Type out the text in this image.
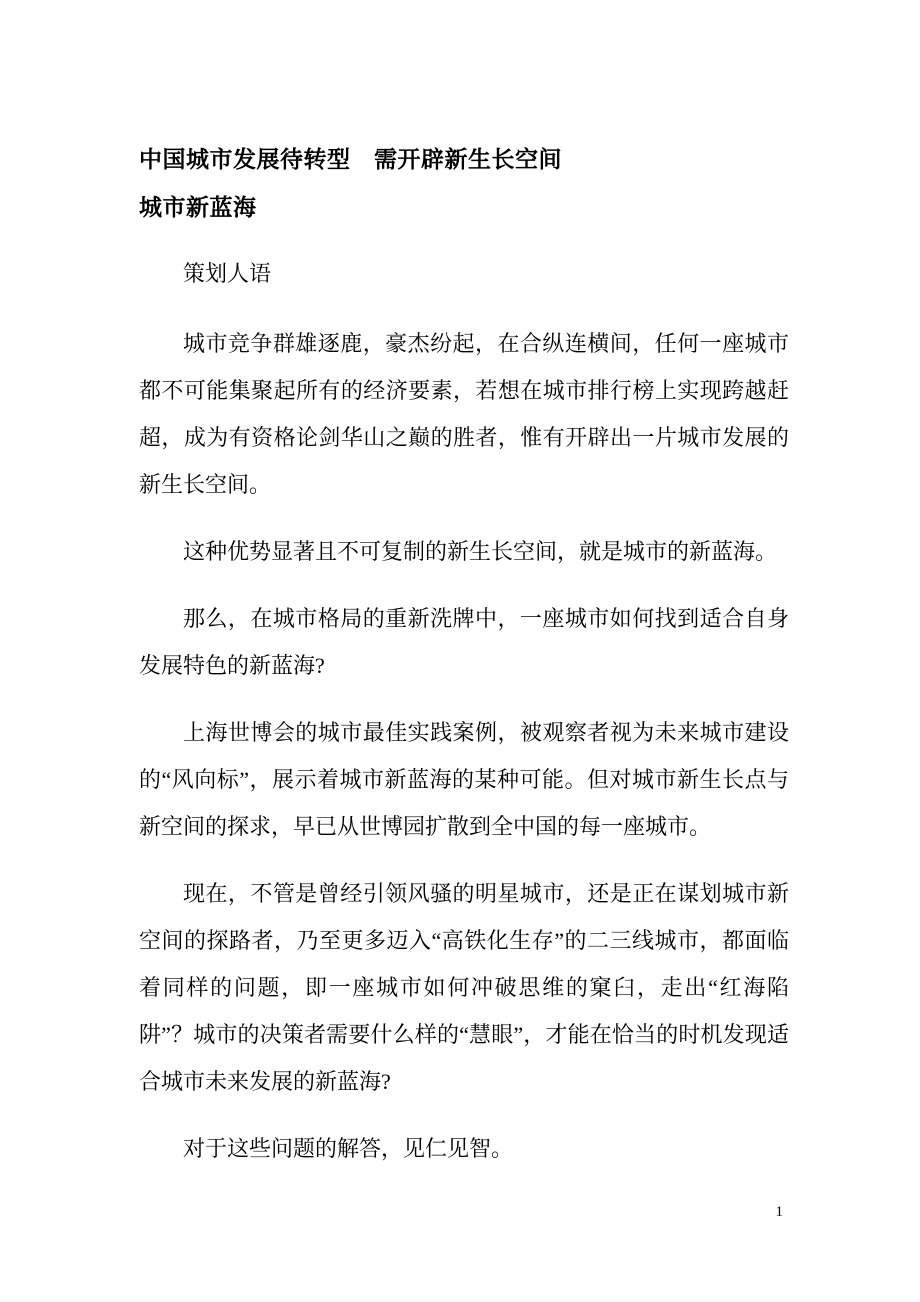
中国城市发展待转型　需开辟新生长空间
城市新蓝海

策划人语

城市竞争群雄逐鹿，豪杰纷起，在合纵连横间，任何一座城市都不可能集聚起所有的经济要素，若想在城市排行榜上实现跨越赶超，成为有资格论剑华山之巅的胜者，惟有开辟出一片城市发展的新生长空间。

这种优势显著且不可复制的新生长空间，就是城市的新蓝海。

那么，在城市格局的重新洗牌中，一座城市如何找到适合自身发展特色的新蓝海?

上海世博会的城市最佳实践案例，被观察者视为未来城市建设的“风向标”，展示着城市新蓝海的某种可能。但对城市新生长点与新空间的探求，早已从世博园扩散到全中国的每一座城市。

现在，不管是曾经引领风骚的明星城市，还是正在谋划城市新空间的探路者，乃至更多迈入“高铁化生存”的二三线城市，都面临着同样的问题，即一座城市如何冲破思维的窠臼，走出“红海陷阱”？城市的决策者需要什么样的“慧眼”，才能在恰当的时机发现适合城市未来发展的新蓝海?

对于这些问题的解答，见仁见智。

1
